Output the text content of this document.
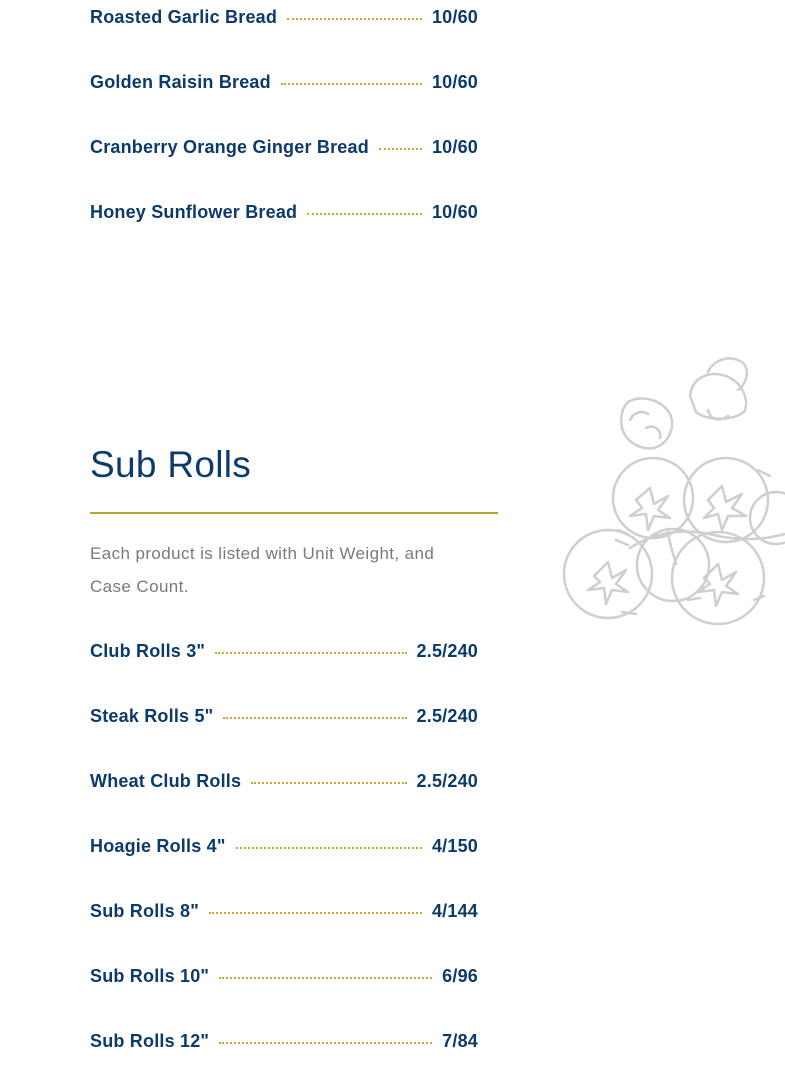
Roasted Garlic Bread	10/60
Golden Raisin Bread	10/60
Cranberry Orange Ginger Bread	10/60
Honey Sunflower Bread	10/60
Sub Rolls

Each product is listed with Unit Weight, and Case Count.

Club Rolls 3"	2.5/240
Steak Rolls 5"	2.5/240
Wheat Club Rolls	2.5/240
Hoagie Rolls 4"	4/150
Sub Rolls 8"	4/144
Sub Rolls 10"	6/96
Sub Rolls 12"	7/84
